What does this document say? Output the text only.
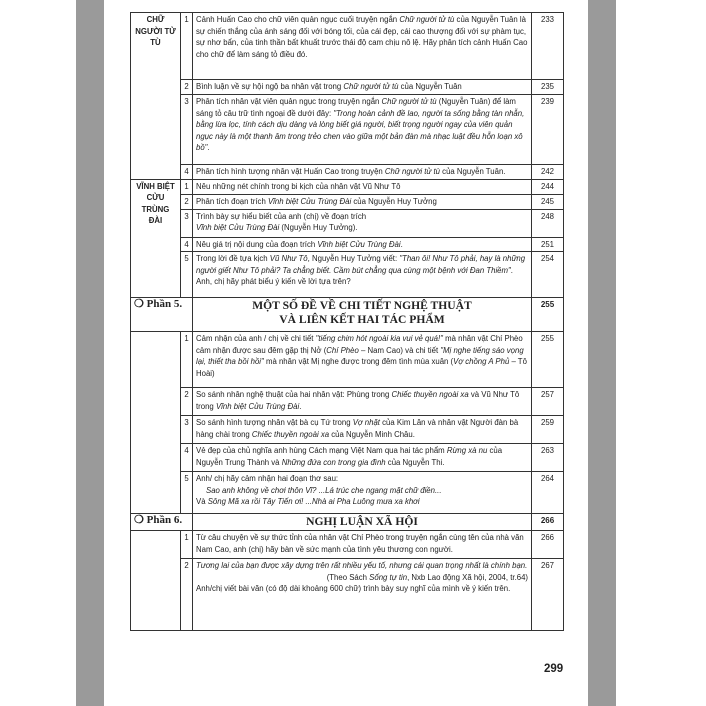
CHỮ NGƯỜI TỬ TÙ	1	Cảnh Huấn Cao cho chữ viên quản ngục cuối truyện ngắn Chữ người tử tù của Nguyễn Tuân là sự chiến thắng của ánh sáng đối với bóng tối, của cái đẹp, cái cao thượng đối với sự phàm tục, sự nhơ bẩn, của tinh thần bất khuất trước thái độ cam chịu nô lệ. Hãy phân tích cảnh Huấn Cao cho chữ để làm sáng tỏ điều đó.	233
	2	Bình luận về sự hội ngộ ba nhân vật trong Chữ người tử tù của Nguyễn Tuân	235
	3	Phân tích nhân vật viên quản ngục trong truyện ngắn Chữ người tử tù (Nguyễn Tuân) để làm sáng tỏ câu trữ tình ngoại đề dưới đây: "Trong hoàn cảnh đề lao, người ta sống bằng tàn nhẫn, bằng lừa lọc, tính cách dịu dàng và lòng biết giá người, biết trọng người ngay của viên quản ngục này là một thanh âm trong trẻo chen vào giữa một bản đàn mà nhạc luật đều hỗn loạn xô bồ".	239
	4	Phân tích hình tượng nhân vật Huấn Cao trong truyện Chữ người tử tù của Nguyễn Tuân.	242
VĨNH BIỆT CỬU TRÙNG ĐÀI	1	Nêu những nét chính trong bi kịch của nhân vật Vũ Như Tô	244
	2	Phân tích đoạn trích Vĩnh biệt Cửu Trùng Đài của Nguyễn Huy Tưởng	245
	3	Trình bày sự hiểu biết của anh (chị) về đoạn trích
Vĩnh biệt Cửu Trùng Đài (Nguyễn Huy Tưởng).	248
	4	Nêu giá trị nội dung của đoạn trích Vĩnh biệt Cửu Trùng Đài.	251
	5	Trong lời đề tựa kịch Vũ Như Tô, Nguyễn Huy Tưởng viết: "Than ôi! Như Tô phải, hay là những người giết Như Tô phải? Ta chẳng biết. Cầm bút chẳng qua cùng một bệnh với Đan Thiềm". Anh, chị hãy phát biểu ý kiến về lời tựa trên?	254
❍ Phần 5.		MỘT SỐ ĐỀ VỀ CHI TIẾT NGHỆ THUẬT
VÀ LIÊN KẾT HAI TÁC PHẨM	255
	1	Cảm nhận của anh / chị về chi tiết "tiếng chim hót ngoài kia vui vẻ quá!" mà nhân vật Chí Phèo cảm nhận được sau đêm gặp thị Nở (Chí Phèo – Nam Cao) và chi tiết "Mị nghe tiếng sáo vọng lại, thiết tha bồi hồi" mà nhân vật Mị nghe được trong đêm tình mùa xuân (Vợ chồng A Phủ – Tô Hoài)	255
	2	So sánh nhân nghệ thuật của hai nhân vật: Phùng trong Chiếc thuyền ngoài xa và Vũ Như Tô trong Vĩnh biệt Cửu Trùng Đài.	257
	3	So sánh hình tượng nhân vật bà cụ Tứ trong Vợ nhặt của Kim Lân và nhân vật Người đàn bà hàng chài trong Chiếc thuyền ngoài xa của Nguyễn Minh Châu.	259
	4	Vẻ đẹp của chủ nghĩa anh hùng Cách mạng Việt Nam qua hai tác phẩm Rừng xà nu của Nguyễn Trung Thành và Những đứa con trong gia đình của Nguyễn Thi.	263
	5	Anh/ chị hãy cảm nhận hai đoạn thơ sau:

Sao anh không về chơi thôn Vĩ? ...Lá trúc che ngang mặt chữ điền...
Và Sông Mã xa rồi Tây Tiến ơi! ...Nhà ai Pha Luông mưa xa khơi	264
❍ Phần 6.		NGHỊ LUẬN XÃ HỘI	266
	1	Từ câu chuyện về sự thức tỉnh của nhân vật Chí Phèo trong truyện ngắn cùng tên của nhà văn Nam Cao, anh (chị) hãy bàn về sức mạnh của tình yêu thương con người.	266
	2	Tương lai của bạn được xây dựng trên rất nhiều yếu tố, nhưng cái quan trọng nhất là chính bạn.
(Theo Sách Sống tự tin, Nxb Lao động Xã hội, 2004, tr.64)
Anh/chị viết bài văn (có độ dài khoảng 600 chữ) trình bày suy nghĩ của mình về ý kiến trên.	267
299
